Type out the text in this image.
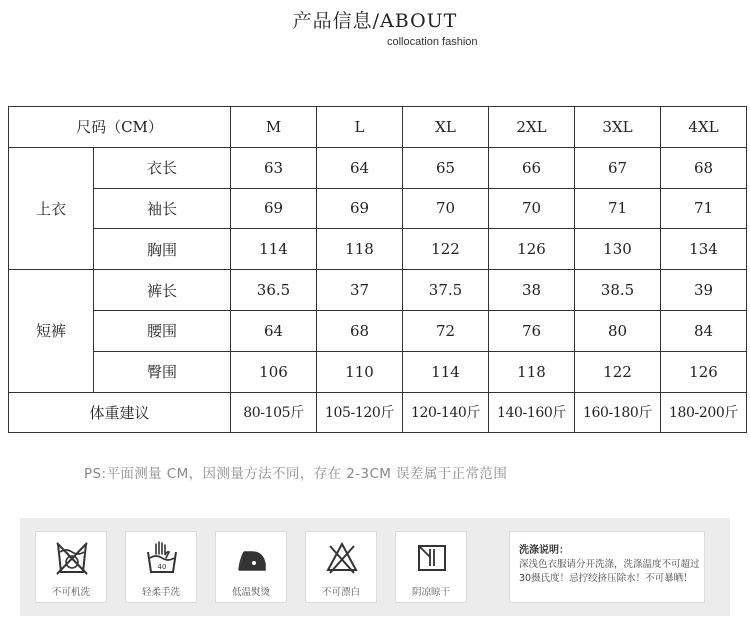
产品信息/ABOUT
collocation fashion
尺码（CM）		M	L	XL	2XL	3XL	4XL
上衣	衣长	63	64	65	66	67	68
	袖长	69	69	70	70	71	71
	胸围	114	118	122	126	130	134
短裤	裤长	36.5	37	37.5	38	38.5	39
	腰围	64	68	72	76	80	84
	臀围	106	110	114	118	122	126
体重建议		80-105斤	105-120斤	120-140斤	140-160斤	160-180斤	180-200斤
PS:平面测量 CM，因测量方法不同，存在 2-3CM 误差属于正常范围
不可机洗
40
轻柔手洗	低温熨烫	不可漂白	阴凉晾干
洗涤说明：
深浅色衣服请分开洗涤，洗涤温度不可超过30摄氏度！忌拧绞挤压除水！不可暴晒！
